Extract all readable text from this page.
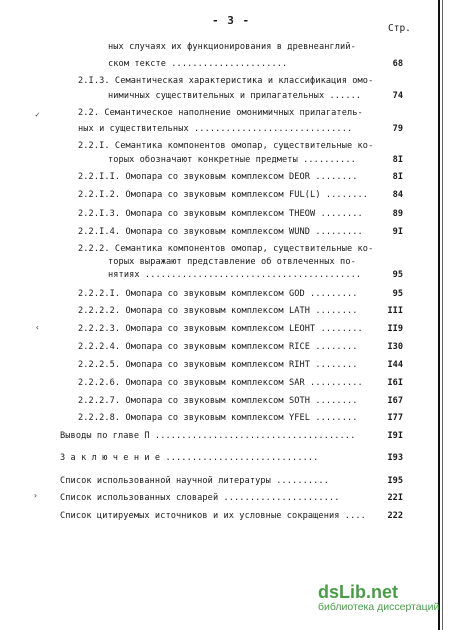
- 3 -
Стр.
✓
‹
›
ных случаях их функционирования в древнеанглий-
ском тексте ......................	68
2.I.3. Семантическая характеристика и классификация омо-
нимичных существительных и прилагательных ......	74
2.2. Семантическое наполнение омонимичных прилагатель-
ных и существительных ..............................	79
2.2.I. Семантика компонентов омопар, существительные ко-
торых обозначают конкретные предметы ..........	8I
2.2.I.I. Омопара со звуковым комплексом DEOR ........	8I
2.2.I.2. Омопара со звуковым комплексом FUL(L) ........	84
2.2.I.3. Омопара со звуковым комплексом THEOW ........	89
2.2.I.4. Омопара со звуковым комплексом WUND .........	9I
2.2.2. Семантика компонентов омопар, существительные ко-
торых выражают представление об отвлеченных по-
нятиях .........................................	95
2.2.2.I. Омопара со звуковым комплексом GOD .........	95
2.2.2.2. Омопара со звуковым комплексом LATH ........	III
2.2.2.3. Омопара со звуковым комплексом LEOHT ........	II9
2.2.2.4. Омопара со звуковым комплексом RICE ........	I30
2.2.2.5. Омопара со звуковым комплексом RIHT ........	I44
2.2.2.6. Омопара со звуковым комплексом SAR ..........	I6I
2.2.2.7. Омопара со звуковым комплексом SOTH ........	I67
2.2.2.8. Омопара со звуковым комплексом YFEL ........	I77
Выводы по главе П ......................................	I9I
З а к л ю ч е н и е .............................	I93
Список использованной научной литературы ..........	I95
Список использованных словарей ......................	22I
Список цитируемых источников и их условные сокращения ....	222
dsLib.net
библиотека диссертаций
